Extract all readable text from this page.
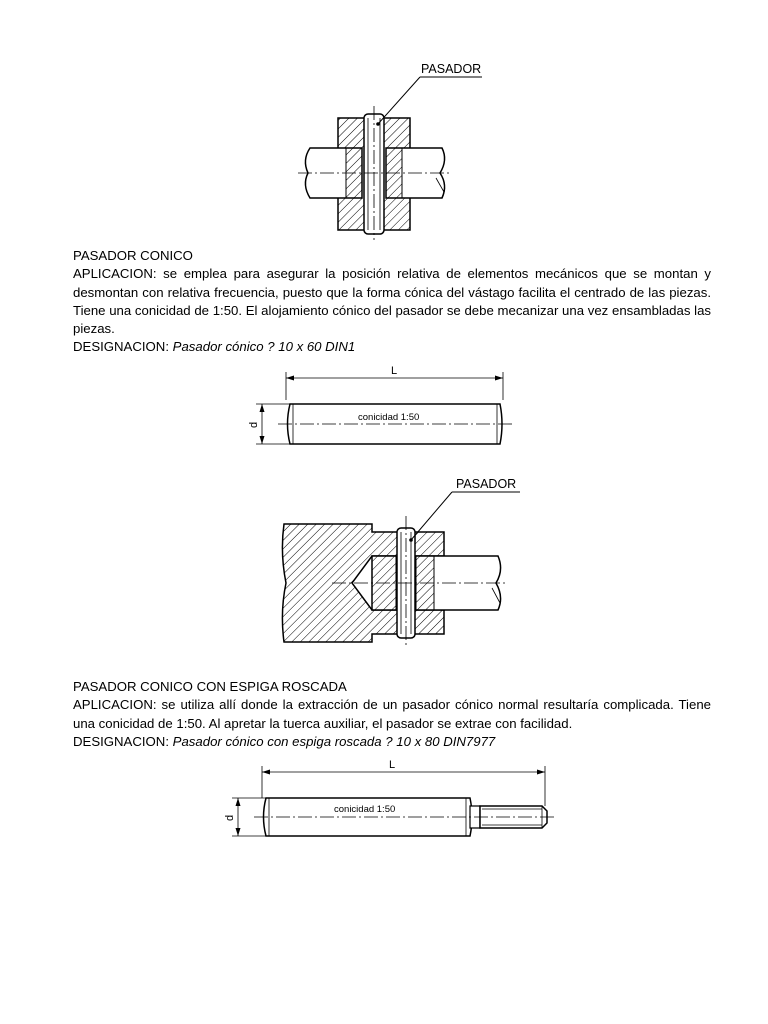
PASADOR

PASADOR CONICO

APLICACION: se emplea para asegurar la posición relativa de elementos mecánicos que se montan y desmontan con relativa frecuencia, puesto que la forma cónica del vástago facilita el centrado de las piezas. Tiene una conicidad de 1:50. El alojamiento cónico del pasador se debe mecanizar una vez ensambladas las piezas.

DESIGNACION: Pasador cónico ? 10 x 60 DIN1

L
conicidad 1:50
d
PASADOR

PASADOR CONICO CON ESPIGA ROSCADA

APLICACION: se utiliza allí donde la extracción de un pasador cónico normal resultaría complicada. Tiene una conicidad de 1:50. Al apretar la tuerca auxiliar, el pasador se extrae con facilidad.

DESIGNACION: Pasador cónico con espiga roscada ? 10 x 80 DIN7977

L
conicidad 1:50
d
